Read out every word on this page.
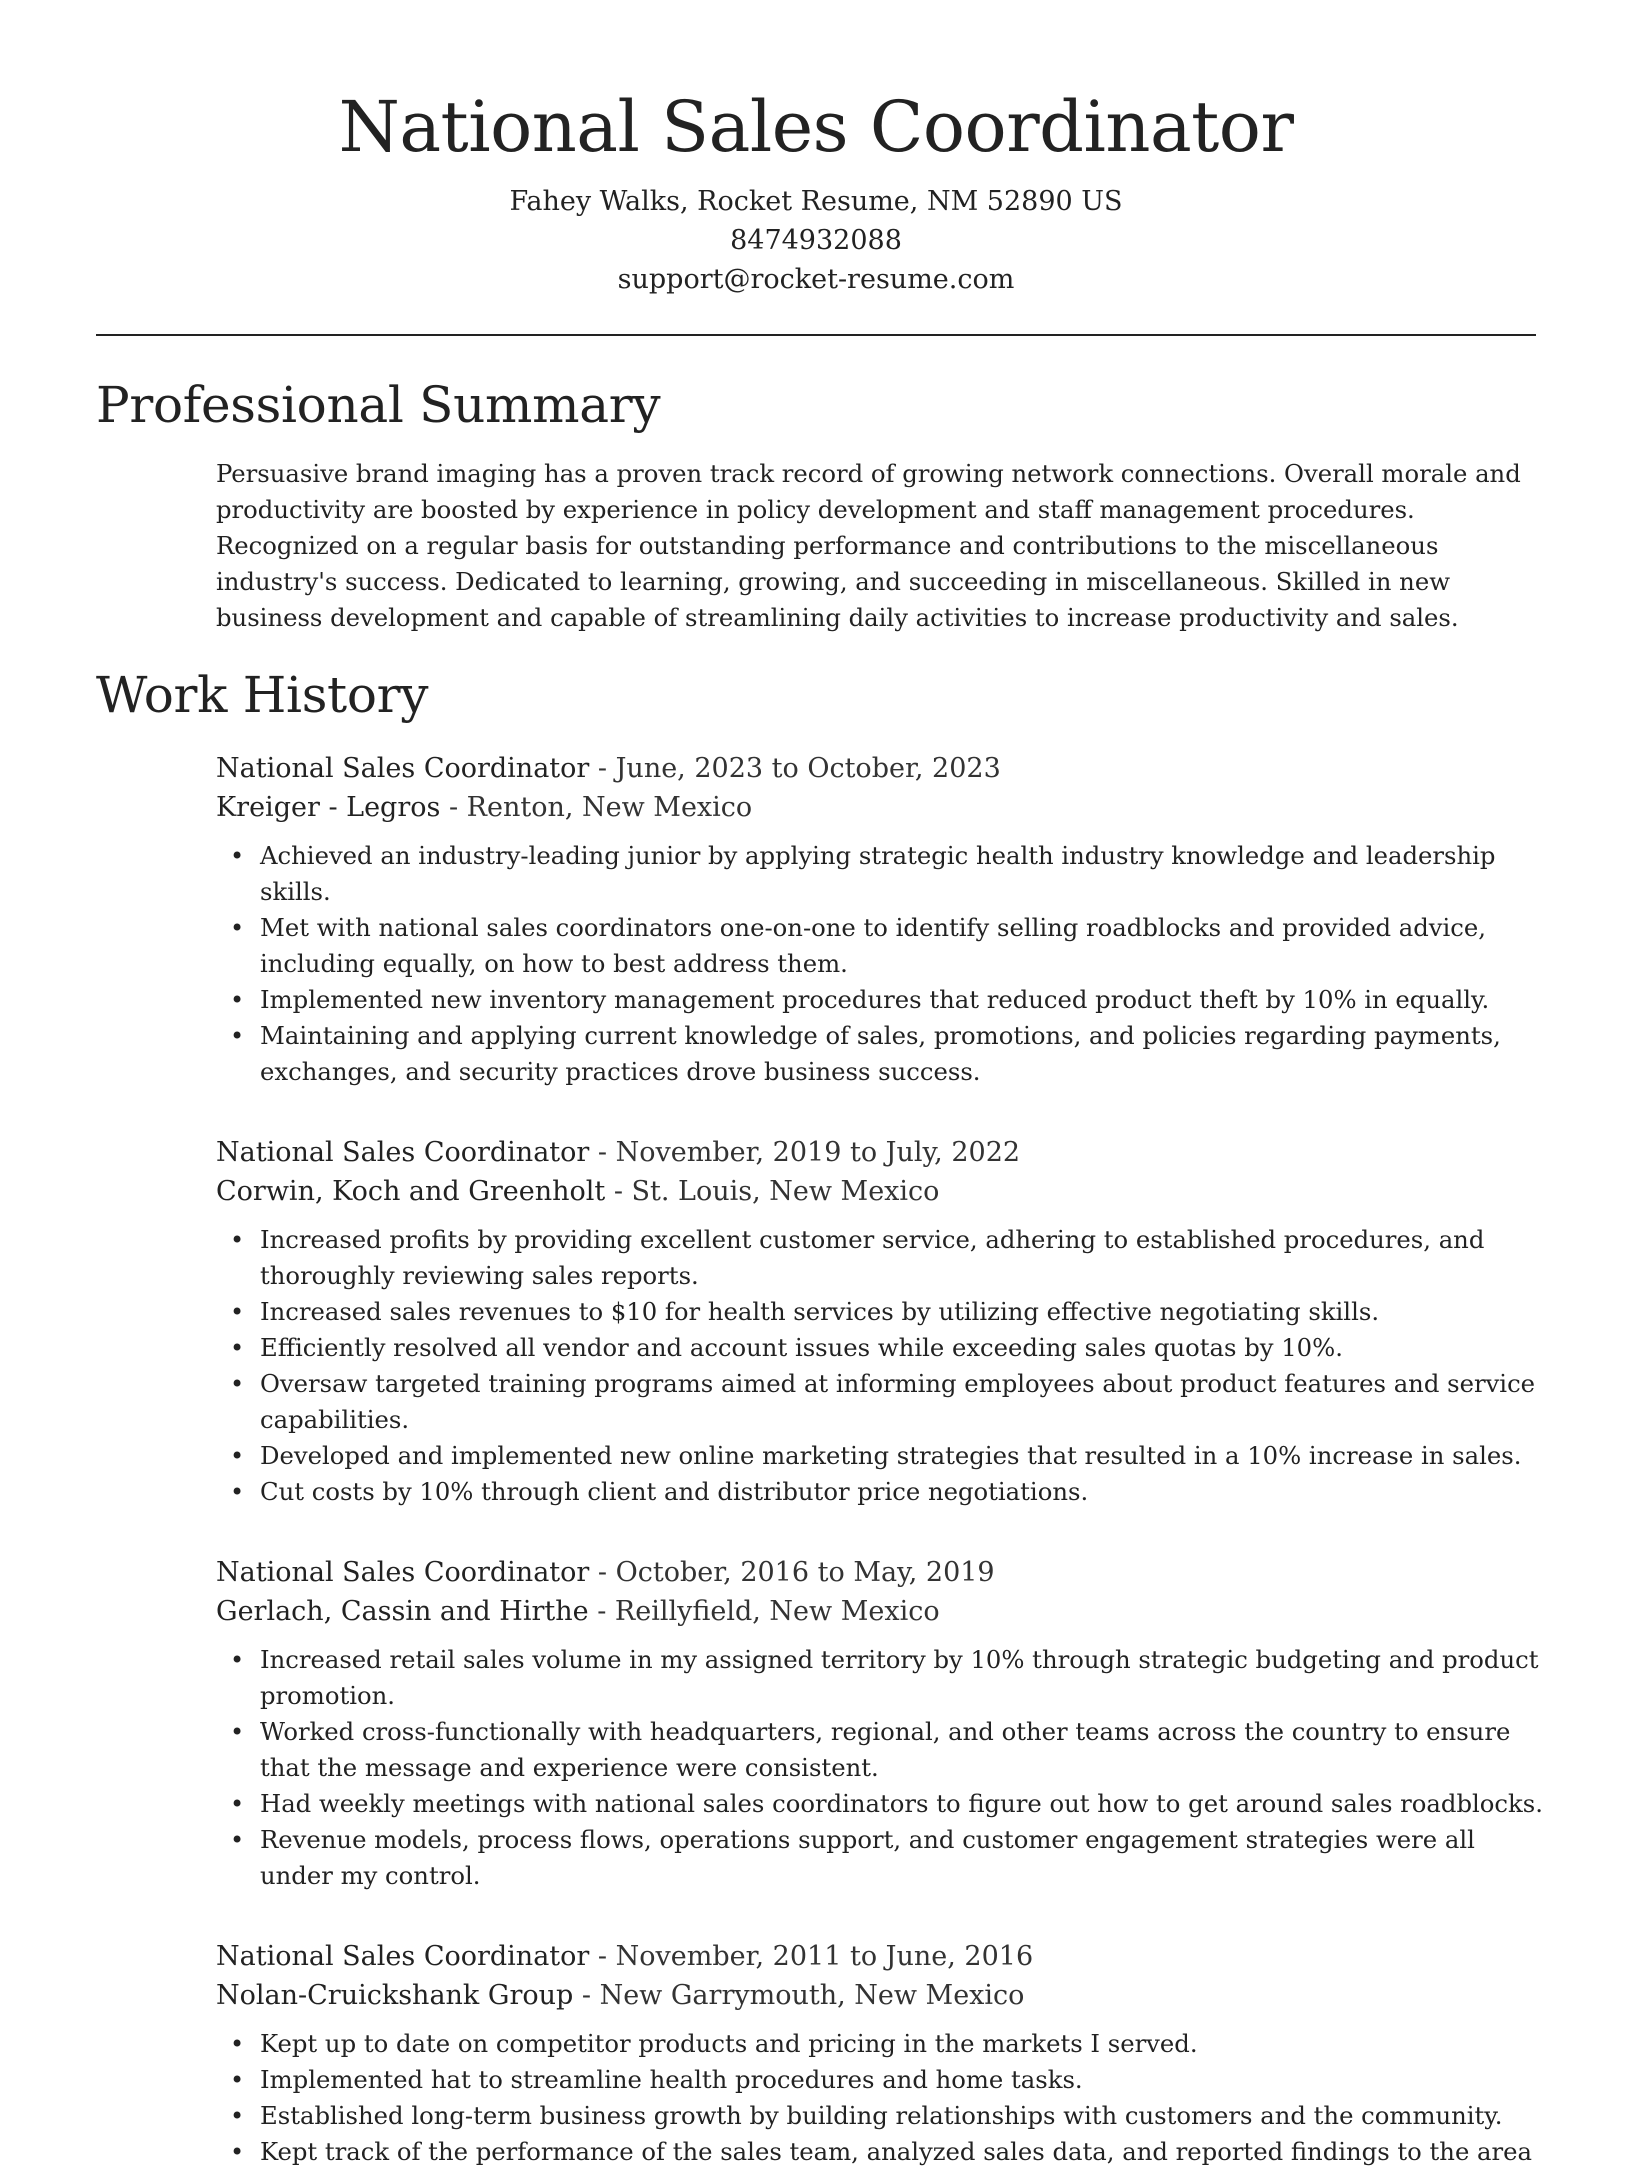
National Sales Coordinator
Fahey Walks, Rocket Resume, NM 52890 US
8474932088
support@rocket-resume.com
Professional Summary
Persuasive brand imaging has a proven track record of growing network connections. Overall morale and productivity are boosted by experience in policy development and staff management procedures. Recognized on a regular basis for outstanding performance and contributions to the miscellaneous industry's success. Dedicated to learning, growing, and succeeding in miscellaneous. Skilled in new business development and capable of streamlining daily activities to increase productivity and sales.
Work History
National Sales Coordinator - June, 2023 to October, 2023
Kreiger - Legros - Renton, New Mexico
• Achieved an industry-leading junior by applying strategic health industry knowledge and leadership skills.
• Met with national sales coordinators one-on-one to identify selling roadblocks and provided advice, including equally, on how to best address them.
• Implemented new inventory management procedures that reduced product theft by 10% in equally.
• Maintaining and applying current knowledge of sales, promotions, and policies regarding payments, exchanges, and security practices drove business success.
National Sales Coordinator - November, 2019 to July, 2022
Corwin, Koch and Greenholt - St. Louis, New Mexico
• Increased profits by providing excellent customer service, adhering to established procedures, and thoroughly reviewing sales reports.
• Increased sales revenues to $10 for health services by utilizing effective negotiating skills.
• Efficiently resolved all vendor and account issues while exceeding sales quotas by 10%.
• Oversaw targeted training programs aimed at informing employees about product features and service capabilities.
• Developed and implemented new online marketing strategies that resulted in a 10% increase in sales.
• Cut costs by 10% through client and distributor price negotiations.
National Sales Coordinator - October, 2016 to May, 2019
Gerlach, Cassin and Hirthe - Reillyfield, New Mexico
• Increased retail sales volume in my assigned territory by 10% through strategic budgeting and product promotion.
• Worked cross-functionally with headquarters, regional, and other teams across the country to ensure that the message and experience were consistent.
• Had weekly meetings with national sales coordinators to figure out how to get around sales roadblocks.
• Revenue models, process flows, operations support, and customer engagement strategies were all under my control.
National Sales Coordinator - November, 2011 to June, 2016
Nolan-Cruickshank Group - New Garrymouth, New Mexico
• Kept up to date on competitor products and pricing in the markets I served.
• Implemented hat to streamline health procedures and home tasks.
• Established long-term business growth by building relationships with customers and the community.
• Kept track of the performance of the sales team, analyzed sales data, and reported findings to the area
